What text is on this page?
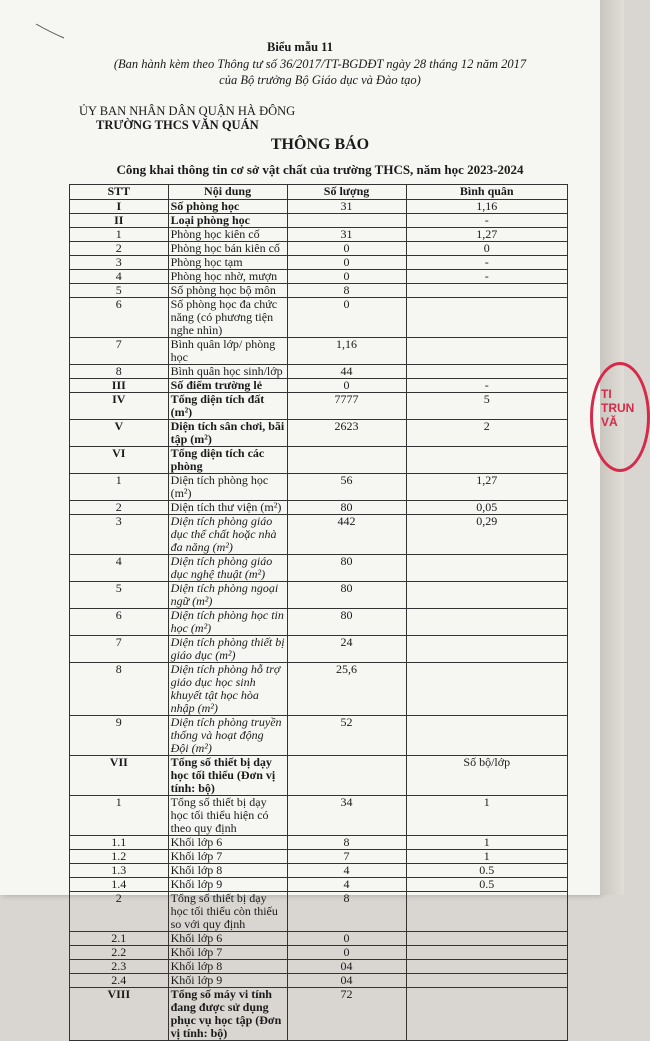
Biểu mẫu 11
(Ban hành kèm theo Thông tư số 36/2017/TT-BGDĐT ngày 28 tháng 12 năm 2017
của Bộ trưởng Bộ Giáo dục và Đào tạo)
ỦY BAN NHÂN DÂN QUẬN HÀ ĐÔNG
TRƯỜNG THCS VĂN QUÁN
THÔNG BÁO
Công khai thông tin cơ sở vật chất của trường THCS, năm học 2023-2024
STT	Nội dung	Số lượng	Bình quân
I	Số phòng học	31	1,16
II	Loại phòng học		-
1	Phòng học kiên cố	31	1,27
2	Phòng học bán kiên cố	0	0
3	Phòng học tạm	0	-
4	Phòng học nhờ, mượn	0	-
5	Số phòng học bộ môn	8	
6	Số phòng học đa chức năng (có phương tiện nghe nhìn)	0	
7	Bình quân lớp/ phòng học	1,16	
8	Bình quân học sinh/lớp	44	
III	Số điểm trường lẻ	0	-
IV	Tổng diện tích đất (m²)	7777	5
V	Diện tích sân chơi, bãi tập (m²)	2623	2
VI	Tổng diện tích các phòng		
1	Diện tích phòng học (m²)	56	1,27
2	Diện tích thư viện (m²)	80	0,05
3	Diện tích phòng giáo dục thể chất hoặc nhà đa năng (m²)	442	0,29
4	Diện tích phòng giáo dục nghệ thuật (m²)	80	
5	Diện tích phòng ngoại ngữ (m²)	80	
6	Diện tích phòng học tin học (m²)	80	
7	Diện tích phòng thiết bị giáo dục (m²)	24	
8	Diện tích phòng hỗ trợ giáo dục học sinh khuyết tật học hòa nhập (m²)	25,6	
9	Diện tích phòng truyền thống và hoạt động Đội (m²)	52	
VII	Tổng số thiết bị dạy học tối thiểu (Đơn vị tính: bộ)		Số bộ/lớp
1	Tổng số thiết bị dạy học tối thiểu hiện có theo quy định	34	1
1.1	Khối lớp 6	8	1
1.2	Khối lớp 7	7	1
1.3	Khối lớp 8	4	0.5
1.4	Khối lớp 9	4	0.5
2	Tổng số thiết bị dạy học tối thiểu còn thiếu so với quy định	8	
2.1	Khối lớp 6	0	
2.2	Khối lớp 7	0	
2.3	Khối lớp 8	04	
2.4	Khối lớp 9	04	
VIII	Tổng số máy vi tính đang được sử dụng phục vụ học tập (Đơn vị tính: bộ)	72	
TI TRUN VĂ
